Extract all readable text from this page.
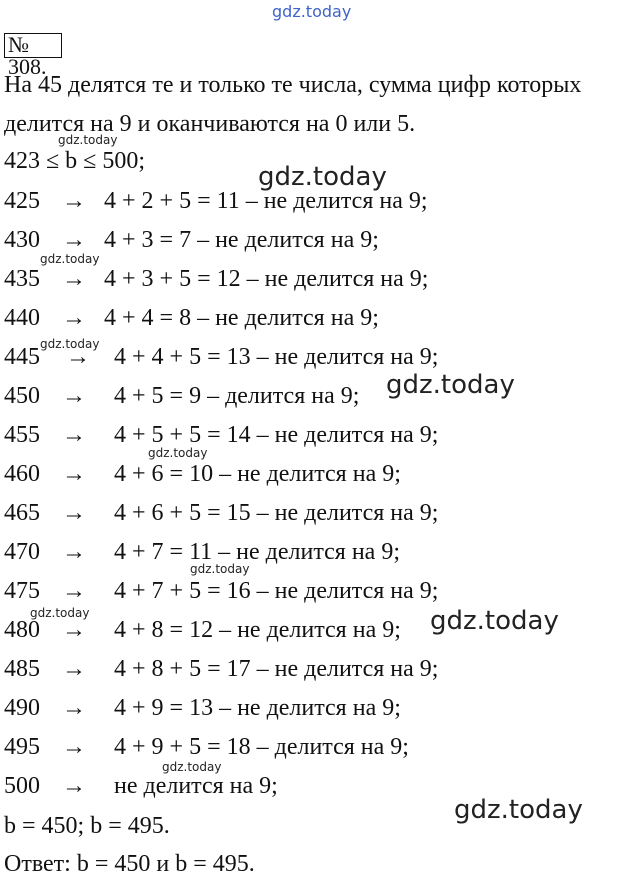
gdz.today
gdz.today
gdz.today
gdz.today
gdz.today
gdz.today
gdz.today
gdz.today
gdz.today	gdz.today
gdz.today
gdz.today
№ 308.
На 45 делятся те и только те числа, сумма цифр которых
делится на 9 и оканчиваются на 0 или 5.
423 ≤ b ≤ 500;
425 → 4 + 2 + 5 = 11 – не делится на 9;
430 → 4 + 3 = 7 – не делится на 9;
435 → 4 + 3 + 5 = 12 – не делится на 9;
440 → 4 + 4 = 8 – не делится на 9;
445 → 4 + 4 + 5 = 13 – не делится на 9;
450 → 4 + 5 = 9 – делится на 9;
455 → 4 + 5 + 5 = 14 – не делится на 9;
460 → 4 + 6 = 10 – не делится на 9;
465 → 4 + 6 + 5 = 15 – не делится на 9;
470 → 4 + 7 = 11 – не делится на 9;
475 → 4 + 7 + 5 = 16 – не делится на 9;
480 → 4 + 8 = 12 – не делится на 9;
485 → 4 + 8 + 5 = 17 – не делится на 9;
490 → 4 + 9 = 13 – не делится на 9;
495 → 4 + 9 + 5 = 18 – делится на 9;
500 → не делится на 9;
b = 450; b = 495.
Ответ: b = 450 и b = 495.
